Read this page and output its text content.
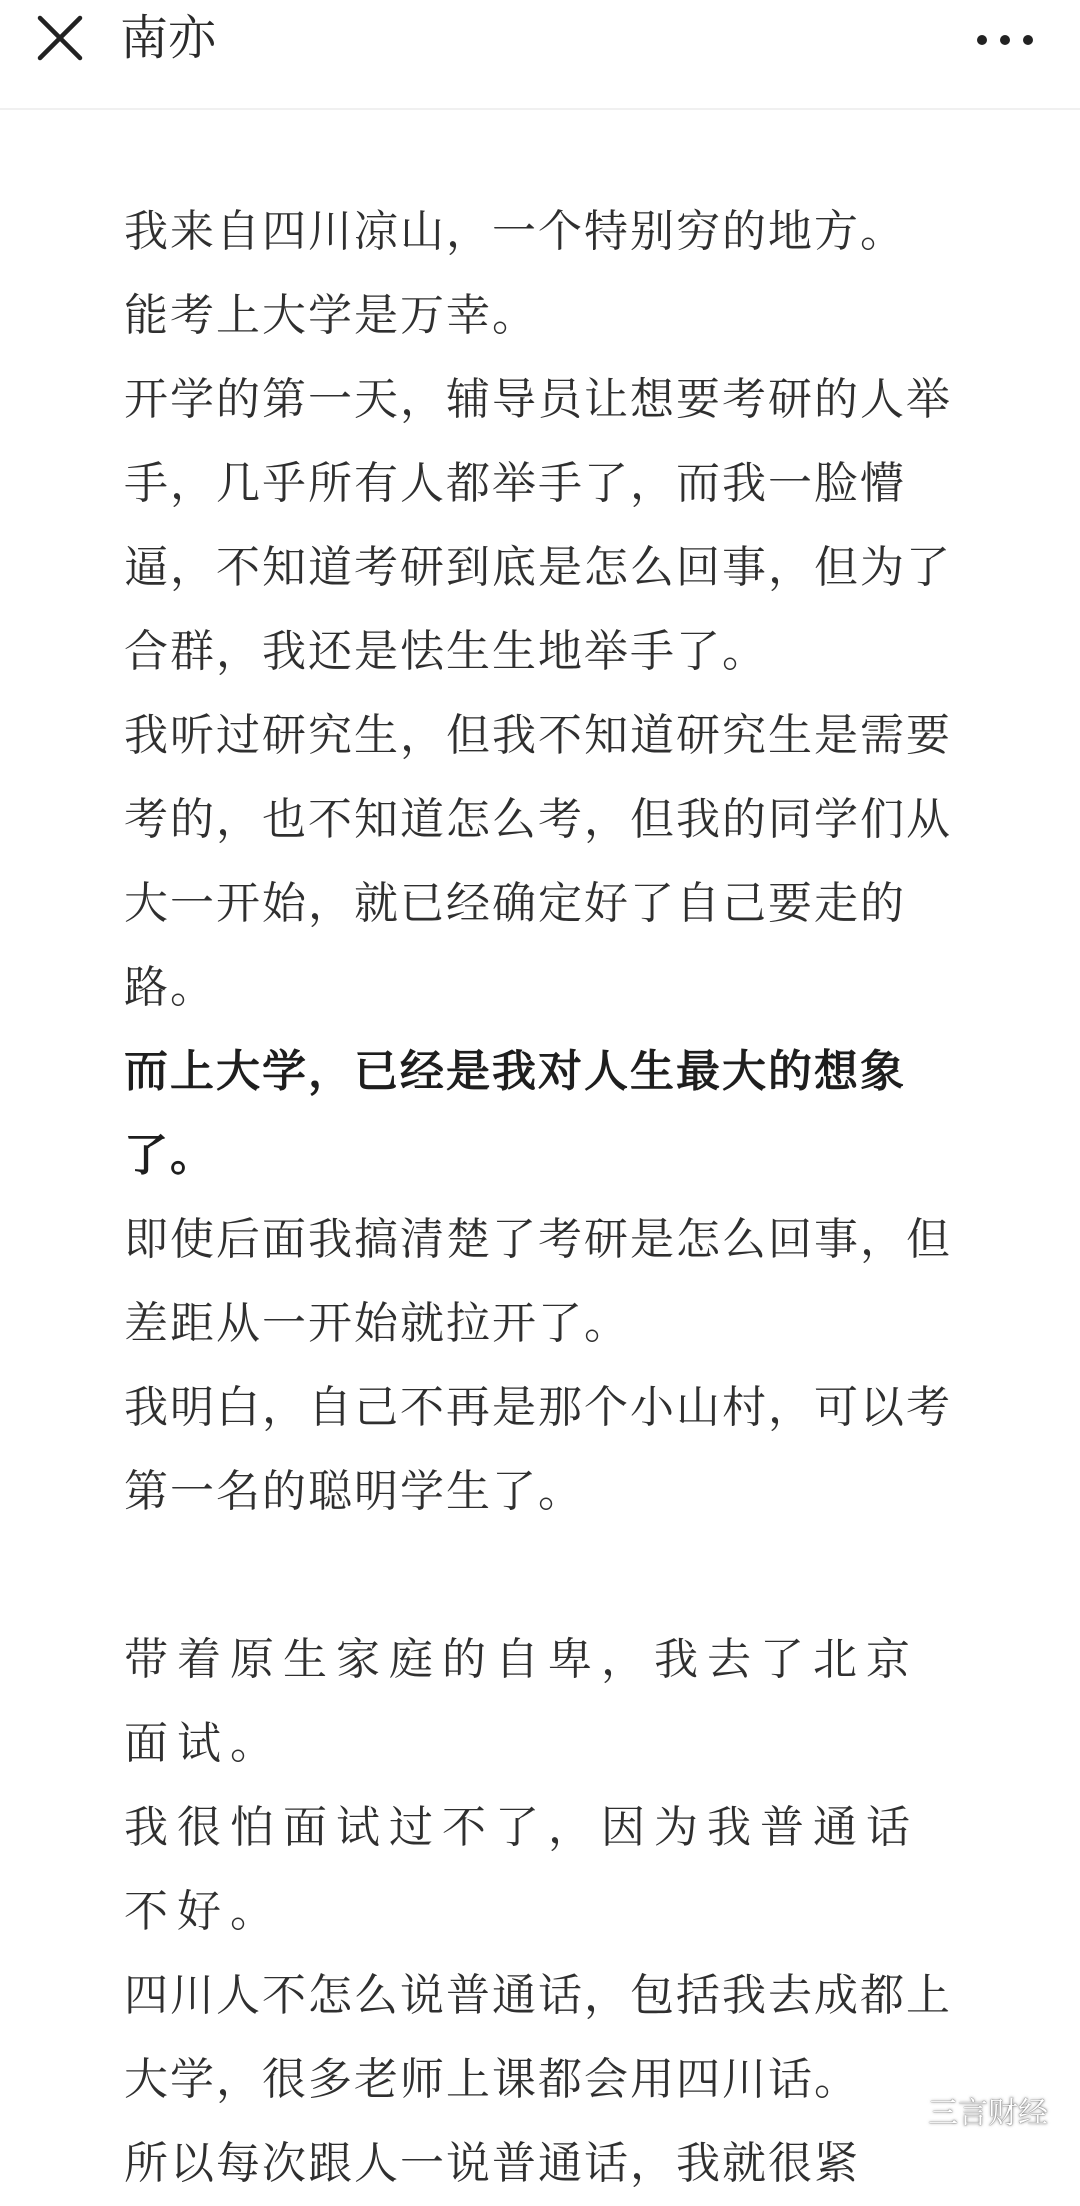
南亦

我来自四川凉山，一个特别穷的地方。

能考上大学是万幸。

开学的第一天，辅导员让想要考研的人举手，几乎所有人都举手了，而我一脸懵逼，不知道考研到底是怎么回事，但为了合群，我还是怯生生地举手了。

我听过研究生，但我不知道研究生是需要考的，也不知道怎么考，但我的同学们从大一开始，就已经确定好了自己要走的路。

而上大学，已经是我对人生最大的想象了。

即使后面我搞清楚了考研是怎么回事，但差距从一开始就拉开了。

我明白，自己不再是那个小山村，可以考第一名的聪明学生了。

带着原生家庭的自卑，我去了北京面试。

我很怕面试过不了，因为我普通话不好。

四川人不怎么说普通话，包括我去成都上大学，很多老师上课都会用四川话。

所以每次跟人一说普通话，我就很紧

三言财经
